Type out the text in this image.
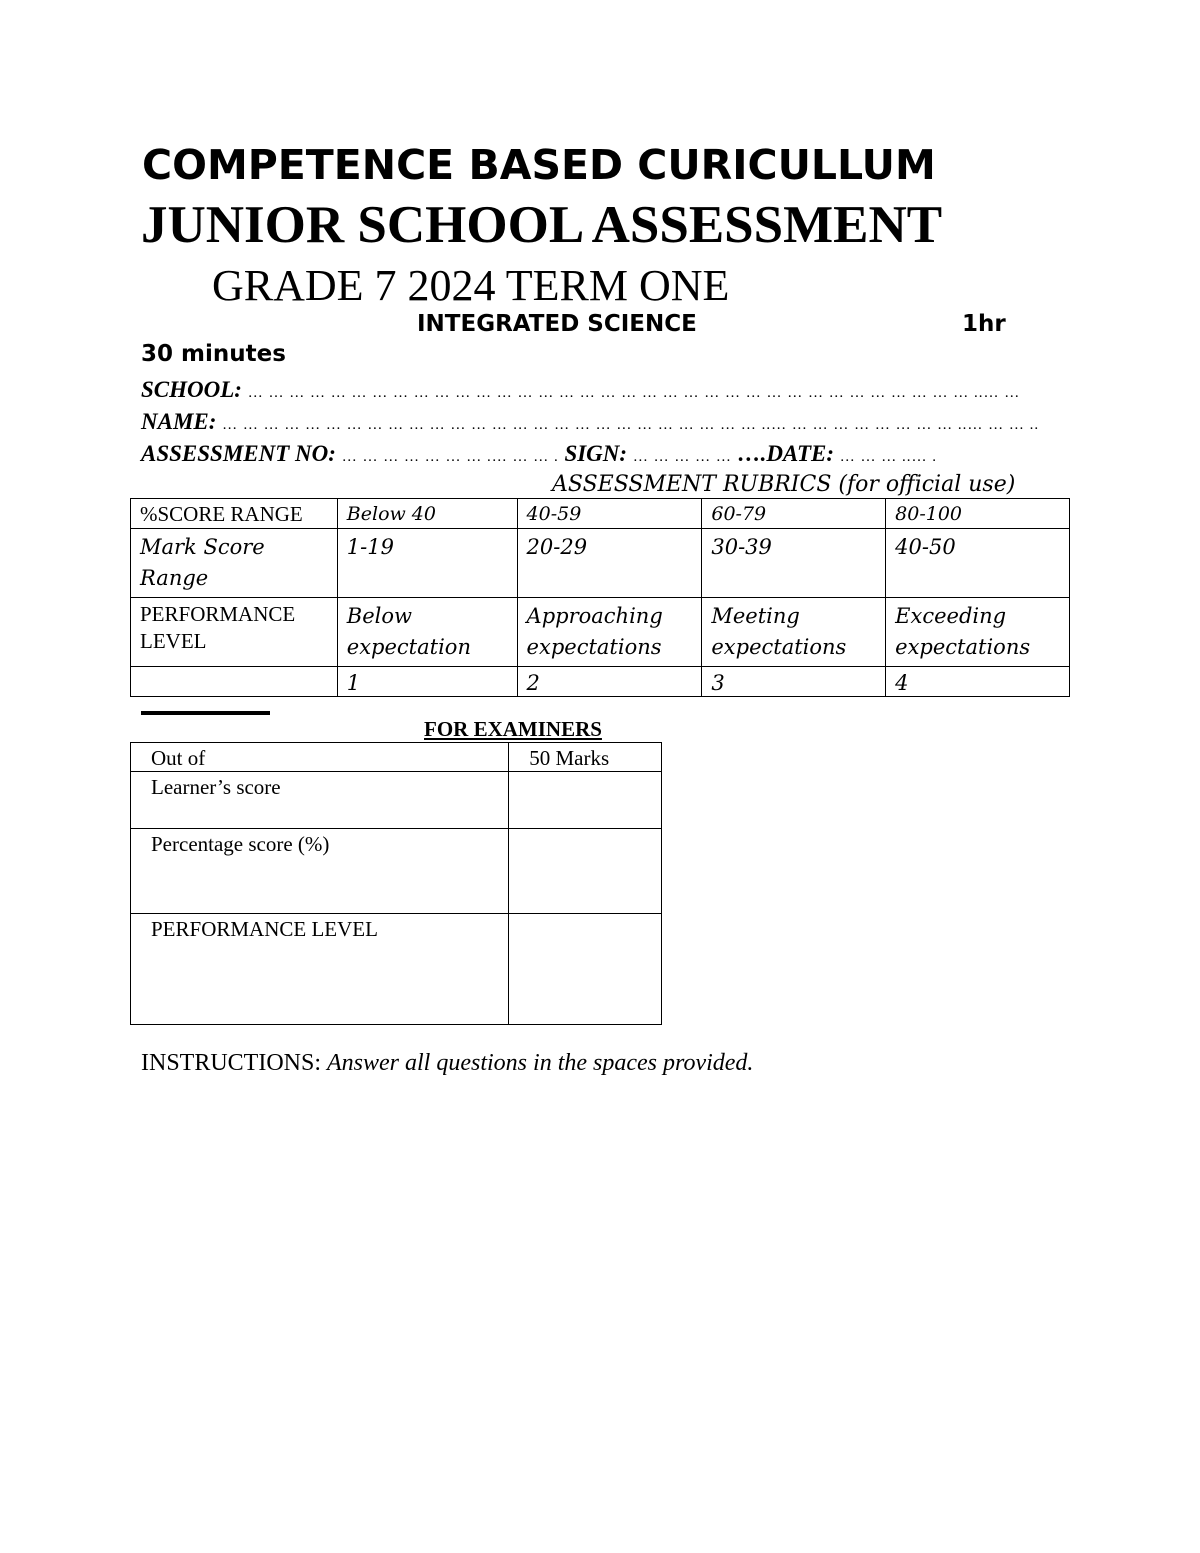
COMPETENCE BASED CURICULLUM
JUNIOR SCHOOL ASSESSMENT
GRADE 7 2024 TERM ONE
INTEGRATED SCIENCE	1hr
30 minutes
SCHOOL: … … … … … … … … … … … … … … … … … … … … … … … … … … … … … … … … … … … ..… …
NAME: … … … … … … … … … … … … … … … … … … … … … … … … … … ..… … … … … … … … … ..… … … ..
ASSESSMENT NO: … … … … … … … .… … … . SIGN: … … … … … ….DATE: … … … ..… .
ASSESSMENT RUBRICS (for official use)
%SCORE RANGE	Below 40	40-59	60-79	80-100
Mark Score Range	1-19	20-29	30-39	40-50
PERFORMANCE LEVEL	Below expectation	Approaching expectations	Meeting expectations	Exceeding expectations
	1	2	3	4
FOR EXAMINERS
Out of	50 Marks
Learner’s score	
Percentage score (%)	
PERFORMANCE LEVEL	
INSTRUCTIONS: Answer all questions in the spaces provided.
